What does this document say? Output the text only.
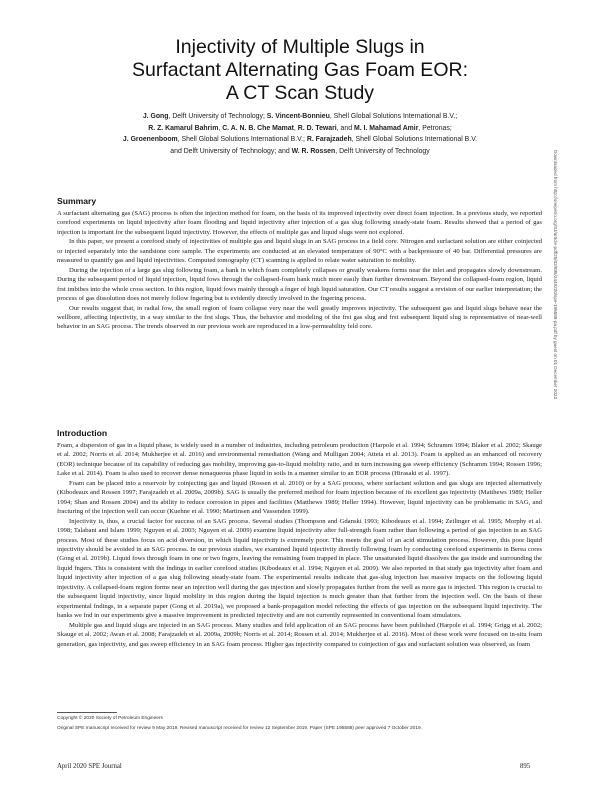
Injectivity of Multiple Slugs in
Surfactant Alternating Gas Foam EOR:
A CT Scan Study
J. Gong, Delft University of Technology; S. Vincent-Bonnieu, Shell Global Solutions International B.V.;
R. Z. Kamarul Bahrim, C. A. N. B. Che Mamat, R. D. Tewari, and M. I. Mahamad Amir, Petronas;
J. Groenenboom, Shell Global Solutions International B.V.; R. Farajzadeh, Shell Global Solutions International B.V.
and Delft University of Technology; and W. R. Rossen, Delft University of Technology
Summary

A surfactant alternating gas (SAG) process is often the injection method for foam, on the basis of its improved injectivity over direct foam injection. In a previous study, we reported corefood experiments on liquid injectivity after foam flooding and liquid injectivity after injection of a gas slug following steady-state foam. Results showed that a period of gas injection is important for the subsequent liquid injectivity. However, the effects of multiple gas and liquid slugs were not explored.

In this paper, we present a corefood study of injectivities of multiple gas and liquid slugs in an SAG process in a field core. Nitrogen and surfactant solution are either coinjected or injected separately into the sandstone core sample. The experiments are conducted at an elevated temperature of 90°C with a backpressure of 40 bar. Differential pressures are measured to quantify gas and liquid injectivities. Computed tomography (CT) scanning is applied to relate water saturation to mobility.

During the injection of a large gas slug following foam, a bank in which foam completely collapses or greatly weakens forms near the inlet and propagates slowly downstream. During the subsequent period of liquid injection, liquid fows through the collapsed-foam bank much more easily than further downstream. Beyond the collapsed-foam region, liquid frst imbibes into the whole cross section. In this region, liquid fows mainly through a fnger of high liquid saturation. Our CT results suggest a revision of our earlier interpretation; the process of gas dissolution does not merely follow fngering but is evidently directly involved in the fngering process.

Our results suggest that, in radial fow, the small region of foam collapse very near the well greatly improves injectivity. The subsequent gas and liquid slugs behave near the wellbore, affecting injectivity, in a way similar to the frst slugs. Thus, the behavior and modeling of the frst gas slug and frst subsequent liquid slug is representative of near-well behavior in an SAG process. The trends observed in our previous work are reproduced in a low-permeability feld core.

Introduction

Foam, a dispersion of gas in a liquid phase, is widely used in a number of industries, including petroleum production (Harpole et al. 1994; Schramm 1994; Blaker et al. 2002; Skauge et al. 2002; Norris et al. 2014; Mukherjee et al. 2016) and environmental remediation (Wang and Mulligan 2004; Atteia et al. 2013). Foam is applied as an enhanced oil recovery (EOR) technique because of its capability of reducing gas mobility, improving gas-to-liquid mobility ratio, and in turn increasing gas sweep efficiency (Schramm 1994; Rossen 1996; Lake et al. 2014). Foam is also used to recover dense nonaqueous phase liquid in soils in a manner similar to an EOR process (Hirasaki et al. 1997).

Foam can be placed into a reservoir by coinjecting gas and liquid (Rossen et al. 2010) or by a SAG process, where surfactant solution and gas slugs are injected alternatively (Kibodeaux and Rossen 1997; Farajzadeh et al. 2009a, 2009b). SAG is usually the preferred method for foam injection because of its excellent gas injectivity (Matthews 1989; Heller 1994; Shan and Rossen 2004) and its ability to reduce corrosion in pipes and facilities (Matthews 1989; Heller 1994). However, liquid injectivity can be problematic in SAG, and fracturing of the injection well can occur (Kuehne et al. 1990; Martinsen and Vassenden 1999).

Injectivity is, thus, a crucial factor for success of an SAG process. Several studies (Thompson and Gdanski 1993; Kibodeaux et al. 1994; Zeilinger et al. 1995; Morphy et al. 1998; Talabani and Islam 1999; Nguyen et al. 2003; Nguyen et al. 2009) examine liquid injectivity after full-strength foam rather than following a period of gas injection in an SAG process. Most of these studies focus on acid diversion, in which liquid injectivity is extremely poor. This meets the goal of an acid stimulation process. However, this poor liquid injectivity should be avoided in an SAG process. In our previous studies, we examined liquid injectivity directly following foam by conducting corefood experiments in Berea cores (Gong et al. 2019b). Liquid fows through foam in one or two fngers, leaving the remaining foam trapped in place. The unsaturated liquid dissolves the gas inside and surrounding the liquid fngers. This is consistent with the fndings in earlier corefood studies (Kibodeaux et al. 1994; Nguyen et al. 2009). We also reported in that study gas injectivity after foam and liquid injectivity after injection of a gas slug following steady-state foam. The experimental results indicate that gas-slug injection has massive impacts on the following liquid injectivity. A collapsed-foam region forms near an injection well during the gas injection and slowly propagates further from the well as more gas is injected. This region is crucial to the subsequent liquid injectivity, since liquid mobility in this region during the liquid injection is much greater than that further from the injection well. On the basis of these experimental fndings, in a separate paper (Gong et al. 2019a), we proposed a bank-propagation model refecting the effects of gas injection on the subsequent liquid injectivity. The banks we fnd in our experiments give a massive improvement in predicted injectivity and are not currently represented in conventional foam simulators.

Multiple gas and liquid slugs are injected in an SAG process. Many studies and feld application of an SAG process have been published (Harpole et al. 1994; Grigg et al. 2002; Skauge et al. 2002; Awan et al. 2008; Farajzadeh et al. 2009a, 2009b; Norris et al. 2014; Rossen et al. 2014; Mukherjee et al. 2016). Most of these work were focused on in-situ foam generation, gas injectivity, and gas sweep efficiency in an SAG foam process. Higher gas injectivity compared to coinjection of gas and surfactant solution was observed, as foam

Downloaded from http://onepetro.org/SJ/article-pdf/25/02/895/2449220/spe-195588-pa.pdf by guest on 01 December 2023
Copyright © 2020 Society of Petroleum Engineers
Original SPE manuscript received for review 9 May 2019. Revised manuscript received for review 12 September 2019. Paper (SPE 195588) peer approved 7 October 2019.
April 2020 SPE Journal	895
